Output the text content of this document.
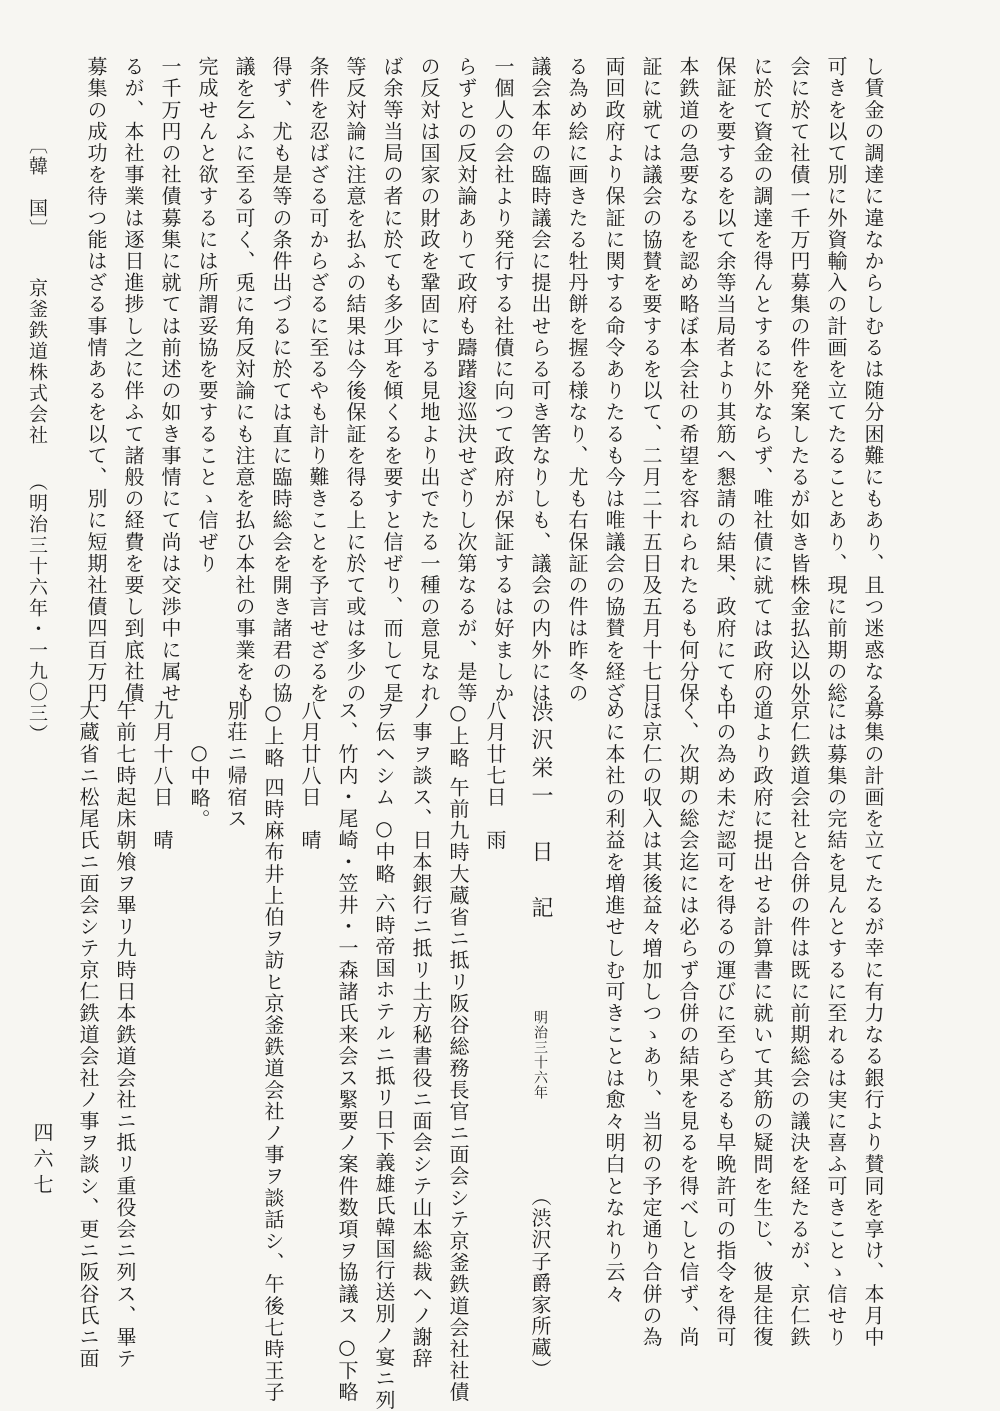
〔韓　国〕 京釜鉄道株式会社 （明治三十六年・一九〇三）
四六七
し賃金の調達に違なからしむるは随分困難にもあり、且つ迷惑なる
可きを以て別に外資輸入の計画を立てたることあり、現に前期の総
会に於て社債一千万円募集の件を発案したるが如き皆株金払込以外
に於て資金の調達を得んとするに外ならず、唯社債に就ては政府の
保証を要するを以て余等当局者より其筋へ懇請の結果、政府にても
本鉄道の急要なるを認め略ぼ本会社の希望を容れられたるも何分保
証に就ては議会の協賛を要するを以て、二月二十五日及五月十七日
両回政府より保証に関する命令ありたるも今は唯議会の協賛を経ざ
る為め絵に画きたる牡丹餅を握る様なり、尤も右保証の件は昨冬の
議会本年の臨時議会に提出せらる可き筈なりしも、議会の内外には
一個人の会社より発行する社債に向つて政府が保証するは好ましか
らずとの反対論ありて政府も躊躇逡巡決せざりし次第なるが、是等
の反対は国家の財政を鞏固にする見地より出でたる一種の意見なれ
ば余等当局の者に於ても多少耳を傾くるを要すと信ぜり、而して是
等反対論に注意を払ふの結果は今後保証を得る上に於て或は多少の
条件を忍ばざる可からざるに至るやも計り難きことを予言せざるを
得ず、尤も是等の条件出づるに於ては直に臨時総会を開き諸君の協
議を乞ふに至る可く、兎に角反対論にも注意を払ひ本社の事業をも
完成せんと欲するには所謂妥協を要することゝ信ぜり
一千万円の社債募集に就ては前述の如き事情にて尚は交渉中に属せ
るが、本社事業は逐日進捗し之に伴ふて諸般の経費を要し到底社債
募集の成功を待つ能はざる事情あるを以て、別に短期社債四百万円
募集の計画を立てたるが幸に有力なる銀行より賛同を享け、本月中
には募集の完結を見んとするに至れるは実に喜ふ可きことゝ信せり
京仁鉄道会社と合併の件は既に前期総会の議決を経たるが、京仁鉄
道より政府に提出せる計算書に就いて其筋の疑問を生じ、彼是往復
中の為め未だ認可を得るの運びに至らざるも早晩許可の指令を得可
く、次期の総会迄には必らず合併の結果を見るを得べしと信ず、尚
ほ京仁の収入は其後益々増加しつゝあり、当初の予定通り合併の為
めに本社の利益を増進せしむ可きことは愈々明白となれり云々
渋沢栄一　日　記  明治三十六年  （渋沢子爵家所蔵）
八月廿七日　雨
○上略 午前九時大蔵省ニ抵リ阪谷総務長官ニ面会シテ京釜鉄道会社社債
ノ事ヲ談ス、日本銀行ニ抵リ土方秘書役ニ面会シテ山本総裁ヘノ謝辞
ヲ伝ヘシム ○中略 六時帝国ホテルニ抵リ日下義雄氏韓国行送別ノ宴ニ列
ス、竹内・尾崎・笠井・一森諸氏来会ス緊要ノ案件数項ヲ協議ス ○下略
八月廿八日　晴
○上略 四時麻布井上伯ヲ訪ヒ京釜鉄道会社ノ事ヲ談話シ、午後七時王子
別荘ニ帰宿ス
○中略。
九月十八日　晴
午前七時起床朝飧ヲ畢リ九時日本鉄道会社ニ抵リ重役会ニ列ス、畢テ
大蔵省ニ松尾氏ニ面会シテ京仁鉄道会社ノ事ヲ談シ、更ニ阪谷氏ニ面
